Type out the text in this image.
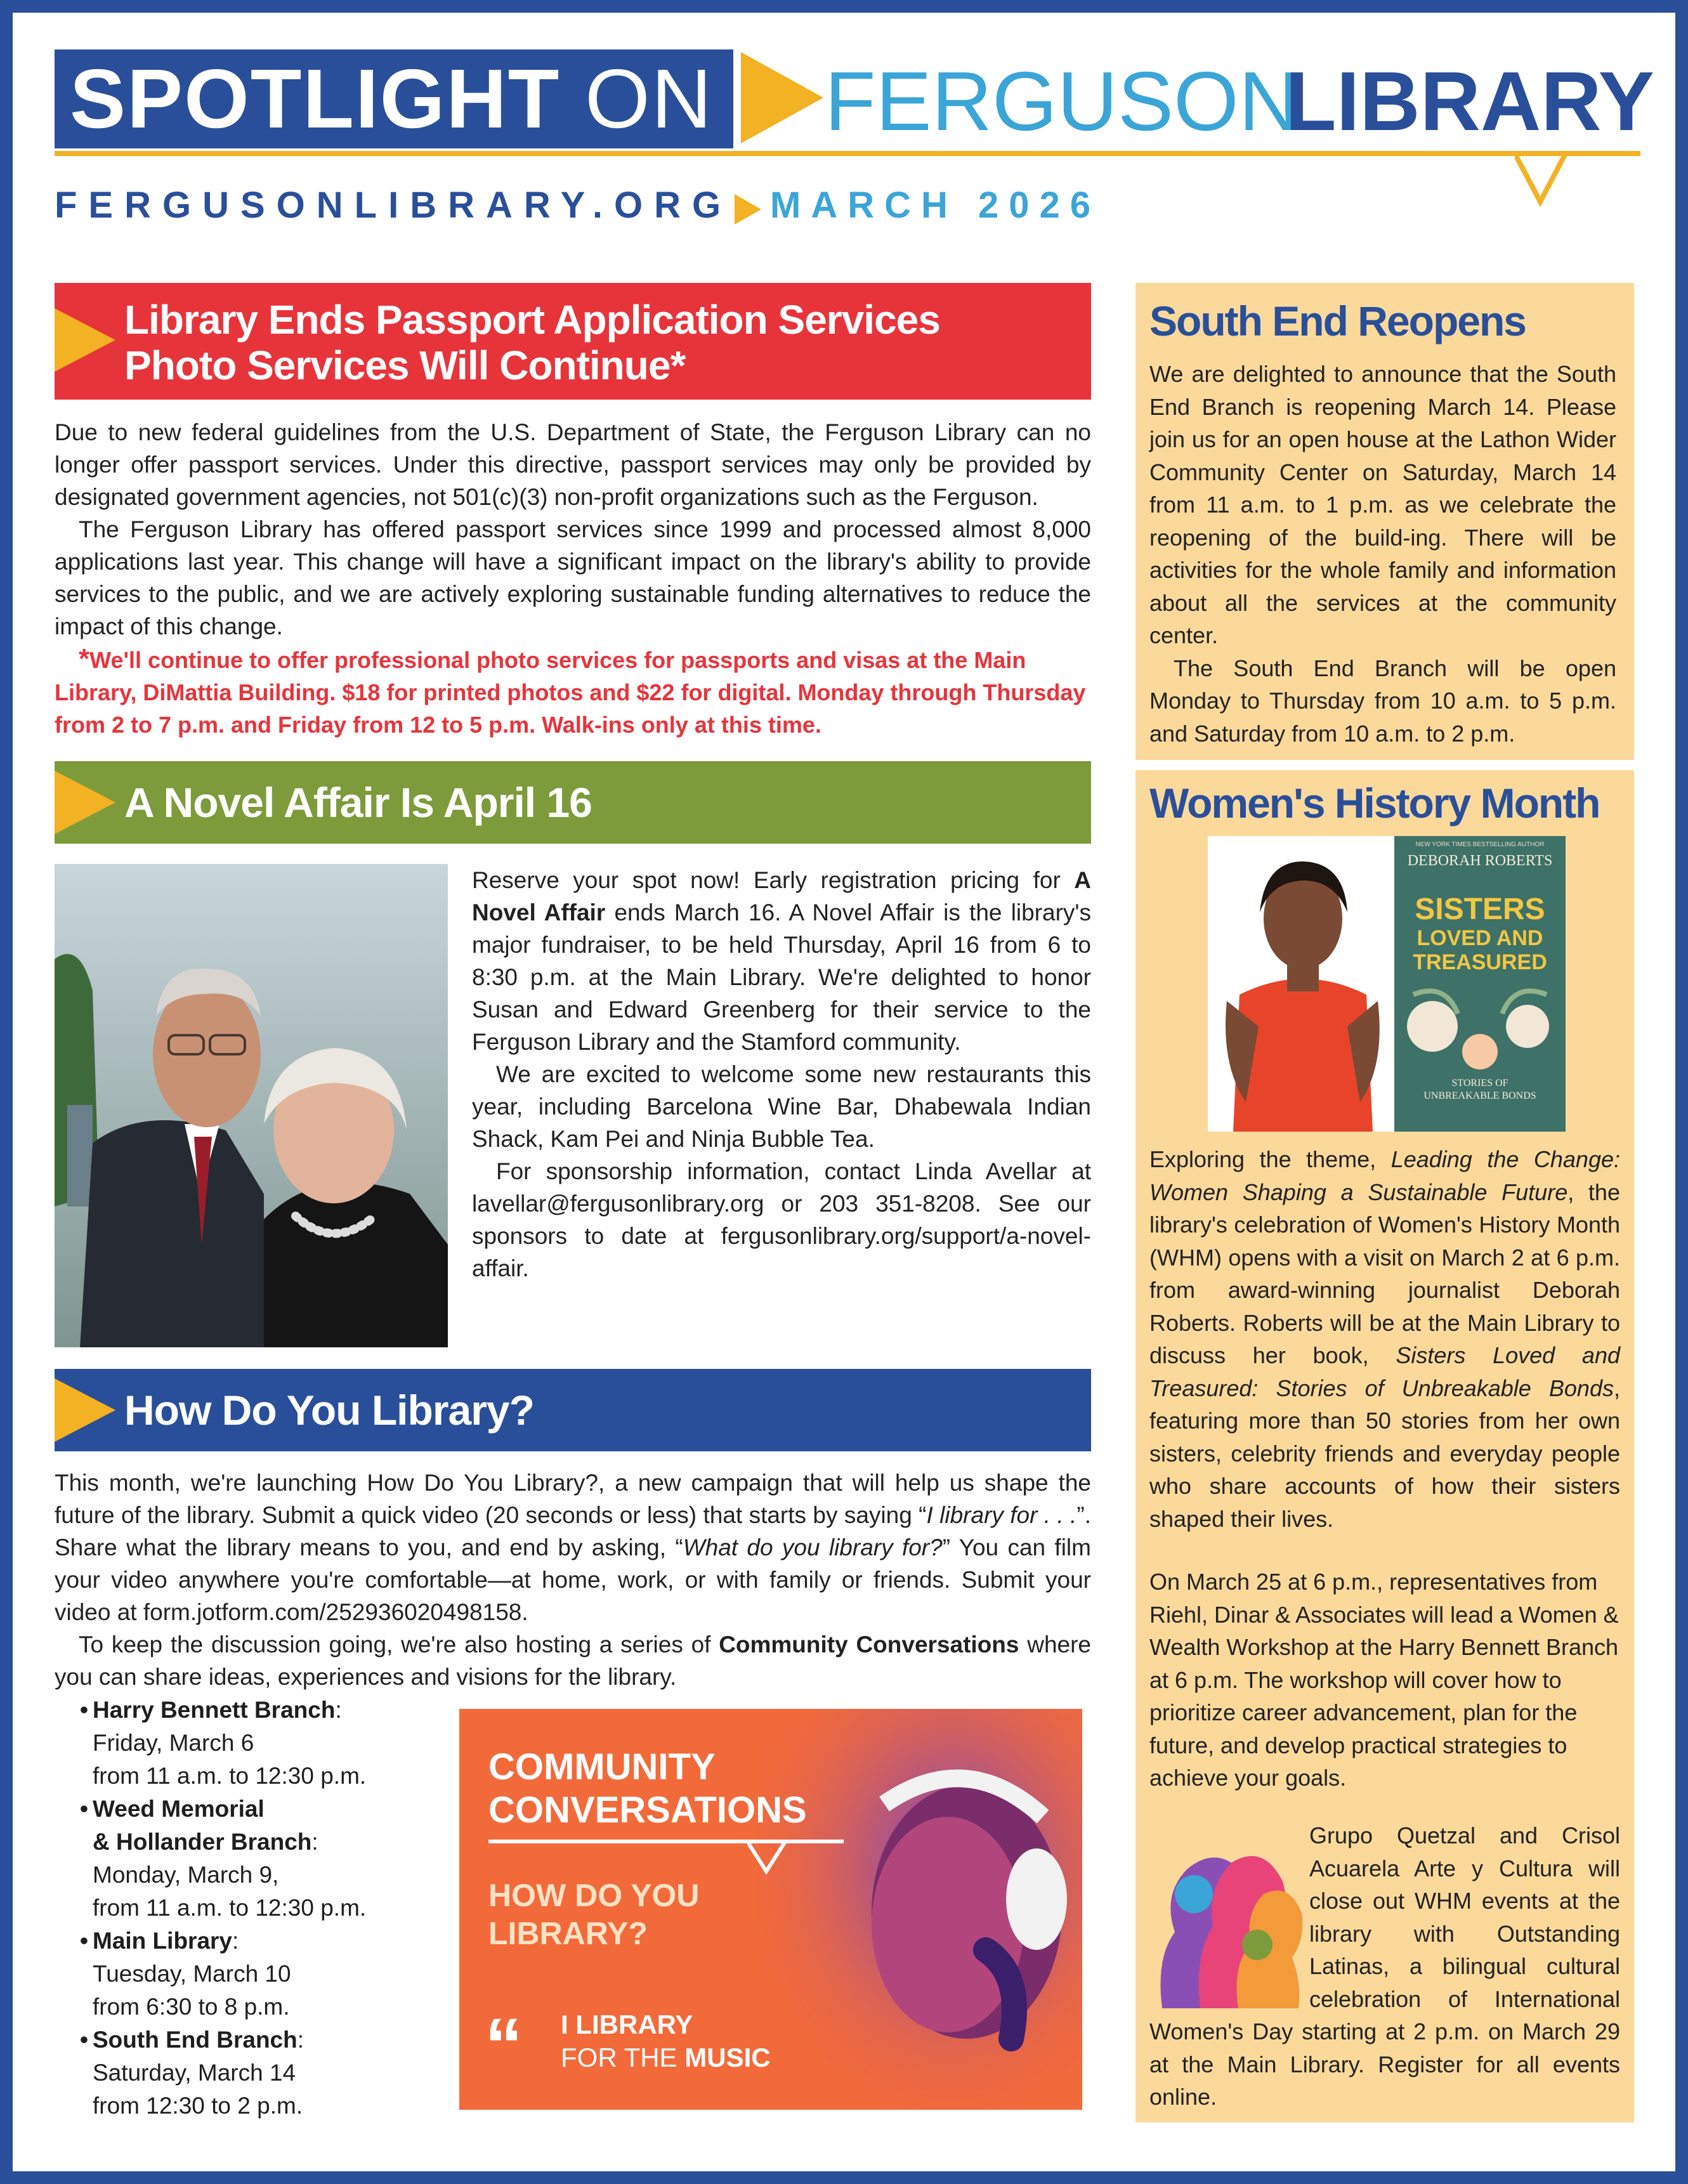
SPOTLIGHT ON FERGUSON
LIBRARY
FERGUSONLIBRARY.ORG MARCH 2026
Library Ends Passport Application Services
Photo Services Will Continue*

Due to new federal guidelines from the U.S. Department of State, the Ferguson Library can no longer offer passport services. Under this directive, passport services may only be provided by designated government agencies, not 501(c)(3) non-profit organizations such as the Ferguson.

The Ferguson Library has offered passport services since 1999 and processed almost 8,000 applications last year. This change will have a significant impact on the library's ability to provide services to the public, and we are actively exploring sustainable funding alternatives to reduce the impact of this change.

*We'll continue to offer professional photo services for passports and visas at the Main Library, DiMattia Building. $18 for printed photos and $22 for digital. Monday through Thursday from 2 to 7 p.m. and Friday from 12 to 5 p.m. Walk-ins only at this time.

A Novel Affair Is April 16

Reserve your spot now! Early registration pricing for A Novel Affair ends March 16. A Novel Affair is the library's major fundraiser, to be held Thursday, April 16 from 6 to 8:30 p.m. at the Main Library. We're delighted to honor Susan and Edward Greenberg for their service to the Ferguson Library and the Stamford community.

We are excited to welcome some new restaurants this year, including Barcelona Wine Bar, Dhabewala Indian Shack, Kam Pei and Ninja Bubble Tea.

For sponsorship information, contact Linda Avellar at lavellar@fergusonlibrary.org or 203 351-8208. See our sponsors to date at fergusonlibrary.org/support/a-novel-affair.

How Do You Library?

This month, we're launching How Do You Library?, a new campaign that will help us shape the future of the library. Submit a quick video (20 seconds or less) that starts by saying “I library for . . .”. Share what the library means to you, and end by asking, “What do you library for?” You can film your video anywhere you're comfortable—at home, work, or with family or friends. Submit your video at form.jotform.com/252936020498158.

To keep the discussion going, we're also hosting a series of Community Conversations where you can share ideas, experiences and visions for the library.

• Harry Bennett Branch:
Friday, March 6
from 11 a.m. to 12:30 p.m.
• Weed Memorial
& Hollander Branch:
Monday, March 9,
from 11 a.m. to 12:30 p.m.
• Main Library:
Tuesday, March 10
from 6:30 to 8 p.m.
• South End Branch:
Saturday, March 14
from 12:30 to 2 p.m.
COMMUNITY
CONVERSATIONS
HOW DO YOU
LIBRARY?
“ I LIBRARY
FOR THE MUSIC
South End Reopens

We are delighted to announce that the South End Branch is reopening March 14. Please join us for an open house at the Lathon Wider Community Center on Saturday, March 14 from 11 a.m. to 1 p.m. as we celebrate the reopening of the build-ing. There will be activities for the whole family and information about all the services at the community center.

The South End Branch will be open Monday to Thursday from 10 a.m. to 5 p.m. and Saturday from 10 a.m. to 2 p.m.

Women's History Month
NEW YORK TIMES BESTSELLING AUTHOR
DEBORAH ROBERTS
SISTERS
LOVED AND
TREASURED
STORIES OF
UNBREAKABLE BONDS

Exploring the theme, Leading the Change: Women Shaping a Sustainable Future, the library's celebration of Women's History Month (WHM) opens with a visit on March 2 at 6 p.m. from award-winning journalist Deborah Roberts. Roberts will be at the Main Library to discuss her book, Sisters Loved and Treasured: Stories of Unbreakable Bonds, featuring more than 50 stories from her own sisters, celebrity friends and everyday people who share accounts of how their sisters shaped their lives.

On March 25 at 6 p.m., representatives from Riehl, Dinar & Associates will lead a Women & Wealth Workshop at the Harry Bennett Branch at 6 p.m. The workshop will cover how to prioritize career advancement, plan for the future, and develop practical strategies to achieve your goals.

Grupo Quetzal and Crisol Acuarela Arte y Cultura will close out WHM events at the library with Outstanding Latinas, a bilingual cultural celebration of International Women's Day starting at 2 p.m. on March 29 at the Main Library. Register for all events online.
